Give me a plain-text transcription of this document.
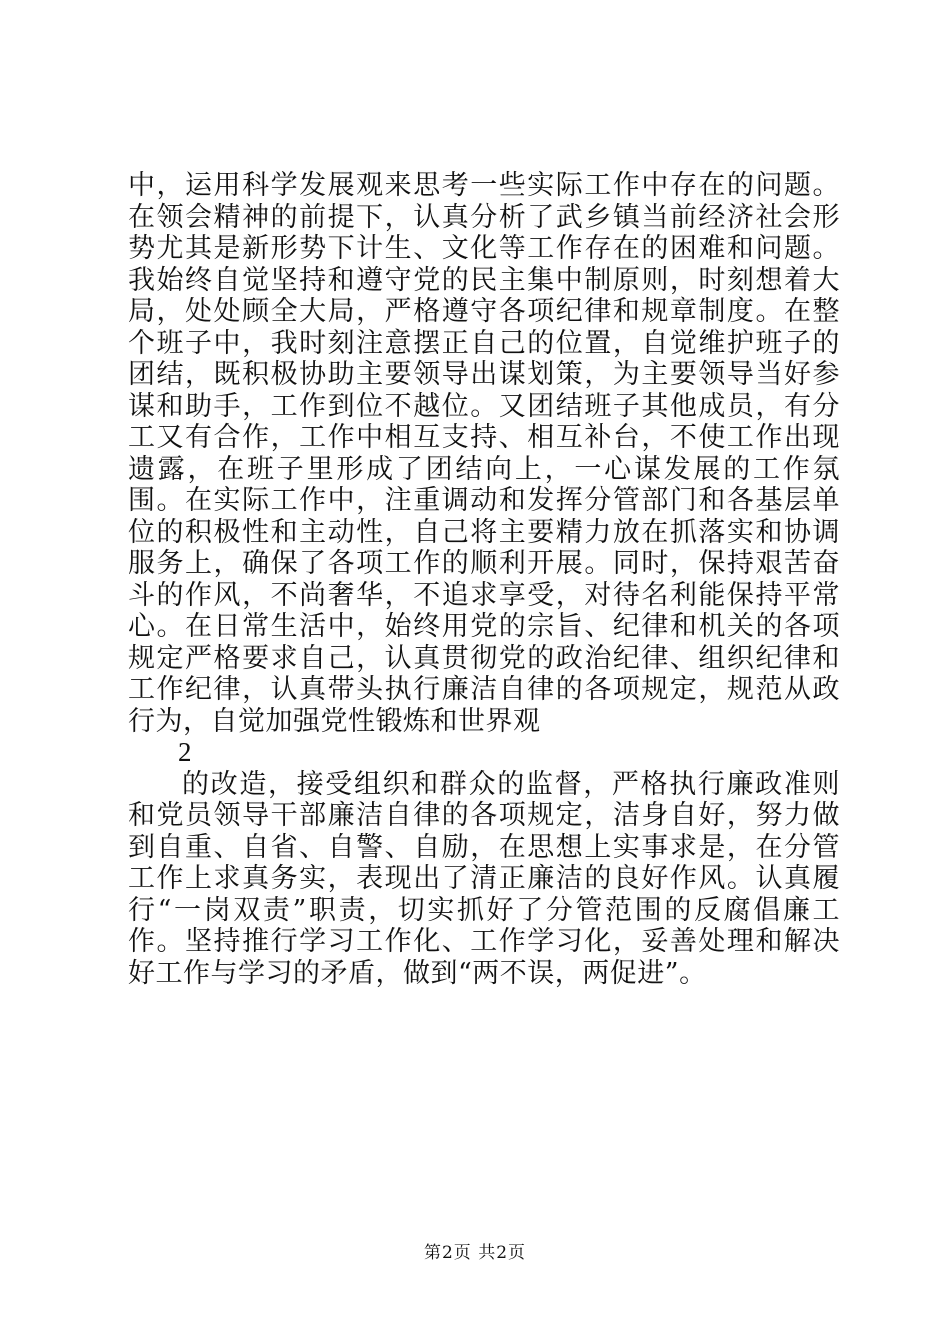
中，运用科学发展观来思考一些实际工作中存在的问题。在领会精神的前提下，认真分析了武乡镇当前经济社会形势尤其是新形势下计生、文化等工作存在的困难和问题。我始终自觉坚持和遵守党的民主集中制原则，时刻想着大局，处处顾全大局，严格遵守各项纪律和规章制度。在整个班子中，我时刻注意摆正自己的位置，自觉维护班子的团结，既积极协助主要领导出谋划策，为主要领导当好参谋和助手，工作到位不越位。又团结班子其他成员，有分工又有合作，工作中相互支持、相互补台，不使工作出现遗露，在班子里形成了团结向上，一心谋发展的工作氛围。在实际工作中，注重调动和发挥分管部门和各基层单位的积极性和主动性，自己将主要精力放在抓落实和协调服务上，确保了各项工作的顺利开展。同时，保持艰苦奋斗的作风，不尚奢华，不追求享受，对待名利能保持平常心。在日常生活中，始终用党的宗旨、纪律和机关的各项规定严格要求自己，认真贯彻党的政治纪律、组织纪律和工作纪律，认真带头执行廉洁自律的各项规定，规范从政行为，自觉加强党性锻炼和世界观

2

的改造，接受组织和群众的监督，严格执行廉政准则和党员领导干部廉洁自律的各项规定，洁身自好，努力做到自重、自省、自警、自励，在思想上实事求是，在分管工作上求真务实，表现出了清正廉洁的良好作风。认真履行“一岗双责”职责，切实抓好了分管范围的反腐倡廉工作。坚持推行学习工作化、工作学习化，妥善处理和解决好工作与学习的矛盾，做到“两不误，两促进”。

第2页 共2页
